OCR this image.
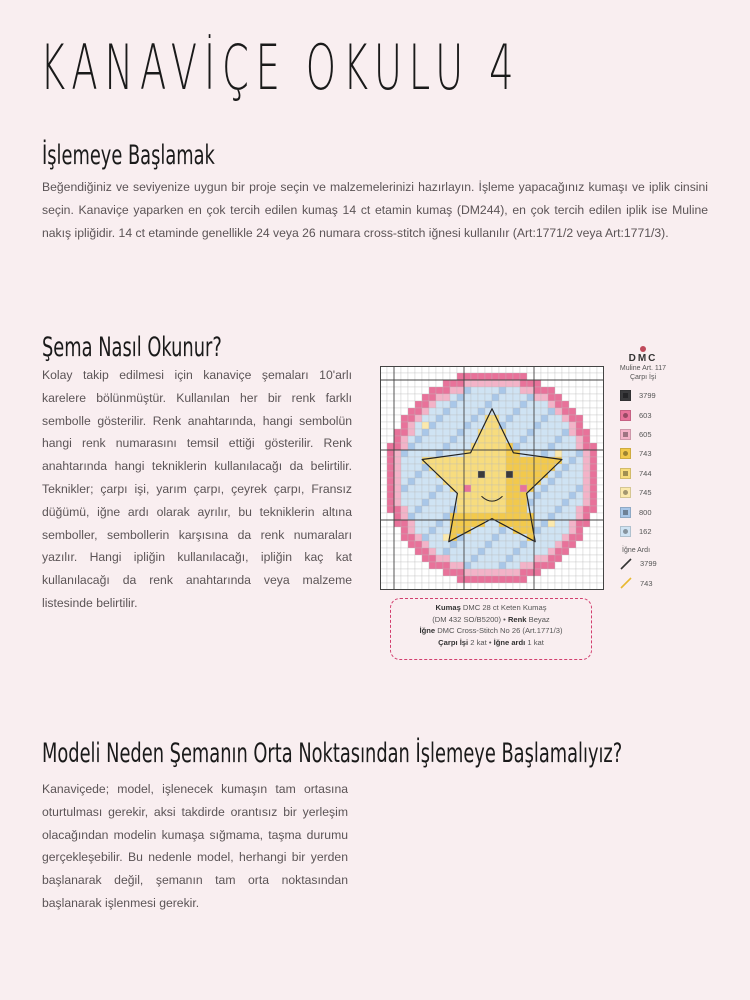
KANAVİÇE OKULU 4
İşlemeye Başlamak

Beğendiğiniz ve seviyenize uygun bir proje seçin ve malzemelerinizi hazırlayın. İşleme yapacağınız kumaşı ve iplik cinsini seçin. Kanaviçe yaparken en çok tercih edilen kumaş 14 ct etamin kumaş (DM244), en çok tercih edilen iplik ise Muline nakış ipliğidir. 14 ct etaminde genellikle 24 veya 26 numara cross-stitch iğnesi kullanılır (Art:1771/2 veya Art:1771/3).

Şema Nasıl Okunur?

Kolay takip edilmesi için kanaviçe şemaları 10'arlı karelere bölünmüştür. Kullanılan her bir renk farklı sembolle gösterilir. Renk anahtarında, hangi sembolün hangi renk numarasını temsil ettiği gösterilir. Renk anahtarında hangi tekniklerin kullanılacağı da belirtilir. Teknikler; çarpı işi, yarım çarpı, çeyrek çarpı, Fransız düğümü, iğne ardı olarak ayrılır, bu tekniklerin altına semboller, sembollerin karşısına da renk numaraları yazılır. Hangi ipliğin kullanılacağı, ipliğin kaç kat kullanılacağı da renk anahtarında veya malzeme listesinde belirtilir.

DMC
Muline Art. 117
Çarpı İşi
3799
603
605
743
744
745
800
162
İğne Ardı
3799
743
Kumaş DMC 28 ct Keten Kumaş
(DM 432 SO/B5200) • Renk Beyaz
İğne DMC Cross-Stitch No 26 (Art.1771/3)
Çarpı İşi 2 kat • İğne ardı 1 kat
Modeli Neden Şemanın Orta Noktasından İşlemeye Başlamalıyız?

Kanaviçede; model, işlenecek kumaşın tam ortasına oturtulması gerekir, aksi takdirde orantısız bir yerleşim olacağından modelin kumaşa sığmama, taşma durumu gerçekleşebilir. Bu nedenle model, herhangi bir yerden başlanarak değil, şemanın tam orta noktasından başlanarak işlenmesi gerekir.
